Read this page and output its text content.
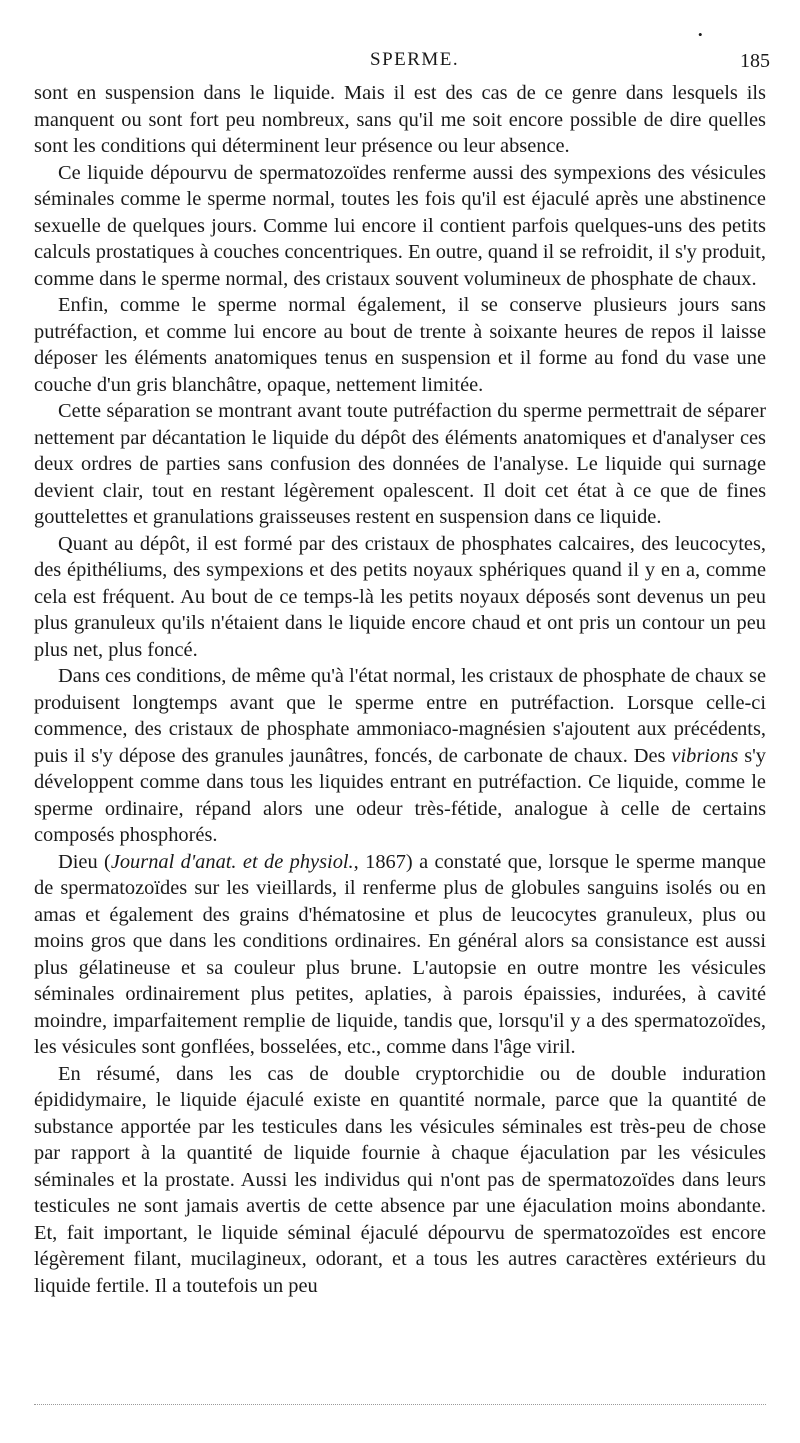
•
SPERME.	185

sont en suspension dans le liquide. Mais il est des cas de ce genre dans lesquels ils manquent ou sont fort peu nombreux, sans qu'il me soit encore possible de dire quelles sont les conditions qui déterminent leur présence ou leur absence.

Ce liquide dépourvu de spermatozoïdes renferme aussi des sympexions des vésicules séminales comme le sperme normal, toutes les fois qu'il est éjaculé après une abstinence sexuelle de quelques jours. Comme lui encore il contient parfois quelques-uns des petits calculs prostatiques à couches concentriques. En outre, quand il se refroidit, il s'y produit, comme dans le sperme normal, des cristaux souvent volumineux de phosphate de chaux.

Enfin, comme le sperme normal également, il se conserve plusieurs jours sans putréfaction, et comme lui encore au bout de trente à soixante heures de repos il laisse déposer les éléments anatomiques tenus en suspension et il forme au fond du vase une couche d'un gris blanchâtre, opaque, nettement limitée.

Cette séparation se montrant avant toute putréfaction du sperme permettrait de séparer nettement par décantation le liquide du dépôt des éléments anatomiques et d'analyser ces deux ordres de parties sans confusion des données de l'analyse. Le liquide qui surnage devient clair, tout en restant légèrement opalescent. Il doit cet état à ce que de fines gouttelettes et granulations graisseuses restent en suspension dans ce liquide.

Quant au dépôt, il est formé par des cristaux de phosphates calcaires, des leucocytes, des épithéliums, des sympexions et des petits noyaux sphériques quand il y en a, comme cela est fréquent. Au bout de ce temps-là les petits noyaux déposés sont devenus un peu plus granuleux qu'ils n'étaient dans le liquide encore chaud et ont pris un contour un peu plus net, plus foncé.

Dans ces conditions, de même qu'à l'état normal, les cristaux de phosphate de chaux se produisent longtemps avant que le sperme entre en putréfaction. Lorsque celle-ci commence, des cristaux de phosphate ammoniaco-magnésien s'ajoutent aux précédents, puis il s'y dépose des granules jaunâtres, foncés, de carbonate de chaux. Des vibrions s'y développent comme dans tous les liquides entrant en putréfaction. Ce liquide, comme le sperme ordinaire, répand alors une odeur très-fétide, analogue à celle de certains composés phosphorés.

Dieu (Journal d'anat. et de physiol., 1867) a constaté que, lorsque le sperme manque de spermatozoïdes sur les vieillards, il renferme plus de globules sanguins isolés ou en amas et également des grains d'hématosine et plus de leucocytes granuleux, plus ou moins gros que dans les conditions ordinaires. En général alors sa consistance est aussi plus gélatineuse et sa couleur plus brune. L'autopsie en outre montre les vésicules séminales ordinairement plus petites, aplaties, à parois épaissies, indurées, à cavité moindre, imparfaitement remplie de liquide, tandis que, lorsqu'il y a des spermatozoïdes, les vésicules sont gonflées, bosselées, etc., comme dans l'âge viril.

En résumé, dans les cas de double cryptorchidie ou de double induration épididymaire, le liquide éjaculé existe en quantité normale, parce que la quantité de substance apportée par les testicules dans les vésicules séminales est très-peu de chose par rapport à la quantité de liquide fournie à chaque éjaculation par les vésicules séminales et la prostate. Aussi les individus qui n'ont pas de spermatozoïdes dans leurs testicules ne sont jamais avertis de cette absence par une éjaculation moins abondante. Et, fait important, le liquide séminal éjaculé dépourvu de spermatozoïdes est encore légèrement filant, mucilagineux, odorant, et a tous les autres caractères extérieurs du liquide fertile. Il a toutefois un peu
